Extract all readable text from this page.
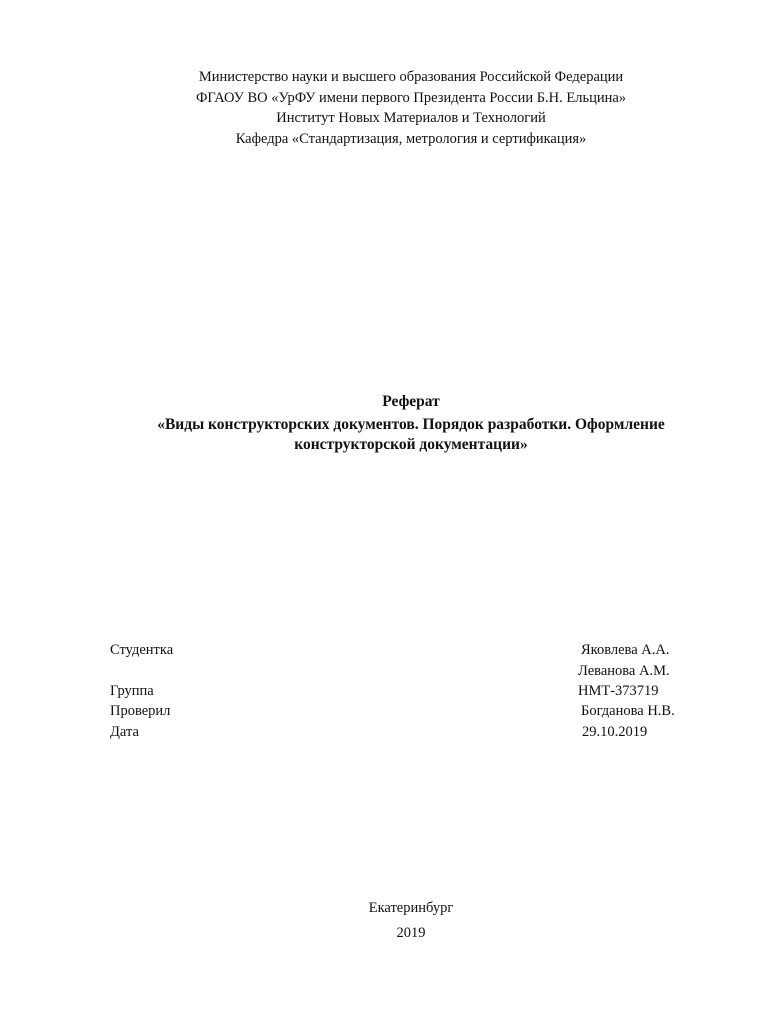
Министерство науки и высшего образования Российской Федерации
ФГАОУ ВО «УрФУ имени первого Президента России Б.Н. Ельцина»
Институт Новых Материалов и Технологий
Кафедра «Стандартизация, метрология и сертификация»
Реферат
«Виды конструкторских документов. Порядок разработки. Оформление
конструкторской документации»
Студентка	Яковлева А.А.
Леванова А.М.
Группа	НМТ-373719
Проверил	Богданова Н.В.
Дата	29.10.2019
Екатеринбург
2019
